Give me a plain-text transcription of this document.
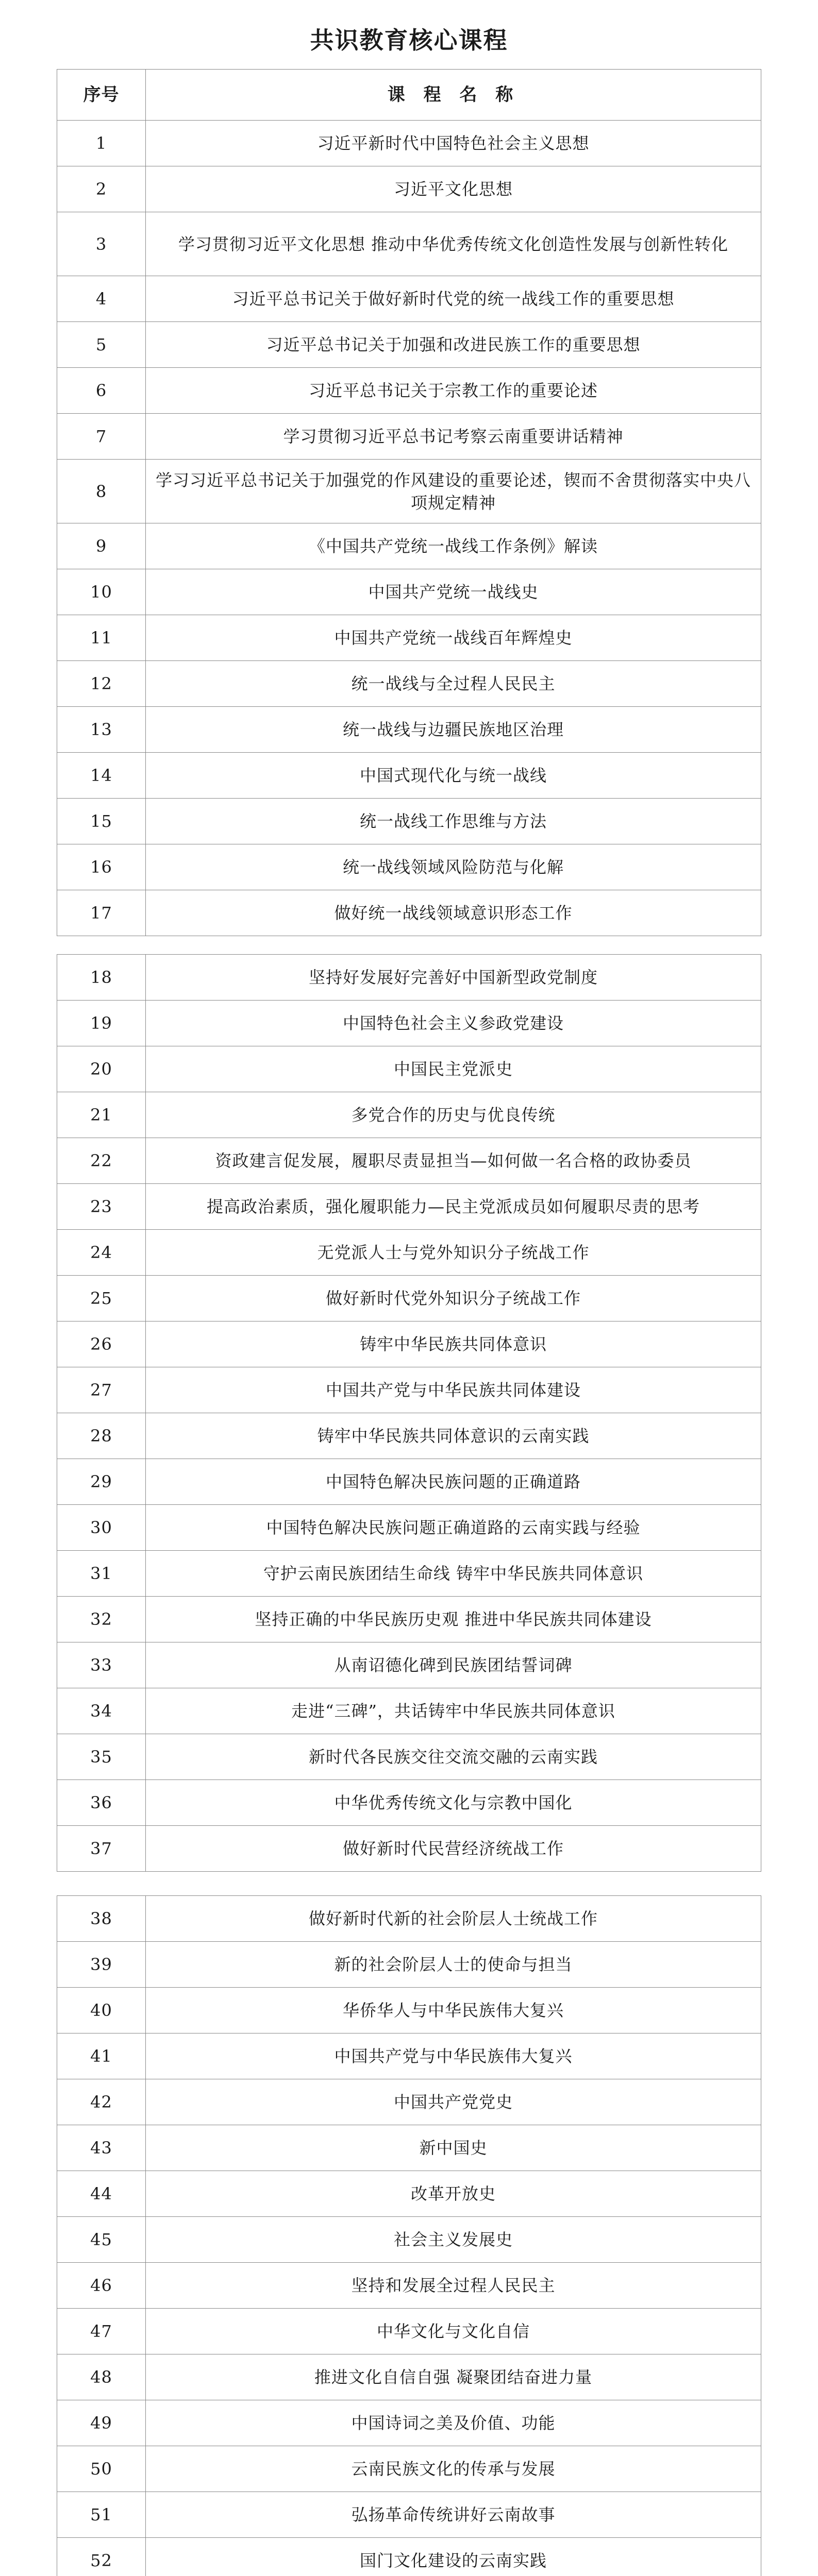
共识教育核心课程
序号	课 程 名 称
1	习近平新时代中国特色社会主义思想
2	习近平文化思想
3	学习贯彻习近平文化思想 推动中华优秀传统文化创造性发展与创新性转化
4	习近平总书记关于做好新时代党的统一战线工作的重要思想
5	习近平总书记关于加强和改进民族工作的重要思想
6	习近平总书记关于宗教工作的重要论述
7	学习贯彻习近平总书记考察云南重要讲话精神
8	学习习近平总书记关于加强党的作风建设的重要论述，锲而不舍贯彻落实中央八项规定精神
9	《中国共产党统一战线工作条例》解读
10	中国共产党统一战线史
11	中国共产党统一战线百年辉煌史
12	统一战线与全过程人民民主
13	统一战线与边疆民族地区治理
14	中国式现代化与统一战线
15	统一战线工作思维与方法
16	统一战线领域风险防范与化解
17	做好统一战线领域意识形态工作
18	坚持好发展好完善好中国新型政党制度
19	中国特色社会主义参政党建设
20	中国民主党派史
21	多党合作的历史与优良传统
22	资政建言促发展，履职尽责显担当—如何做一名合格的政协委员
23	提高政治素质，强化履职能力—民主党派成员如何履职尽责的思考
24	无党派人士与党外知识分子统战工作
25	做好新时代党外知识分子统战工作
26	铸牢中华民族共同体意识
27	中国共产党与中华民族共同体建设
28	铸牢中华民族共同体意识的云南实践
29	中国特色解决民族问题的正确道路
30	中国特色解决民族问题正确道路的云南实践与经验
31	守护云南民族团结生命线 铸牢中华民族共同体意识
32	坚持正确的中华民族历史观 推进中华民族共同体建设
33	从南诏德化碑到民族团结誓词碑
34	走进“三碑”，共话铸牢中华民族共同体意识
35	新时代各民族交往交流交融的云南实践
36	中华优秀传统文化与宗教中国化
37	做好新时代民营经济统战工作
38	做好新时代新的社会阶层人士统战工作
39	新的社会阶层人士的使命与担当
40	华侨华人与中华民族伟大复兴
41	中国共产党与中华民族伟大复兴
42	中国共产党党史
43	新中国史
44	改革开放史
45	社会主义发展史
46	坚持和发展全过程人民民主
47	中华文化与文化自信
48	推进文化自信自强 凝聚团结奋进力量
49	中国诗词之美及价值、功能
50	云南民族文化的传承与发展
51	弘扬革命传统讲好云南故事
52	国门文化建设的云南实践
